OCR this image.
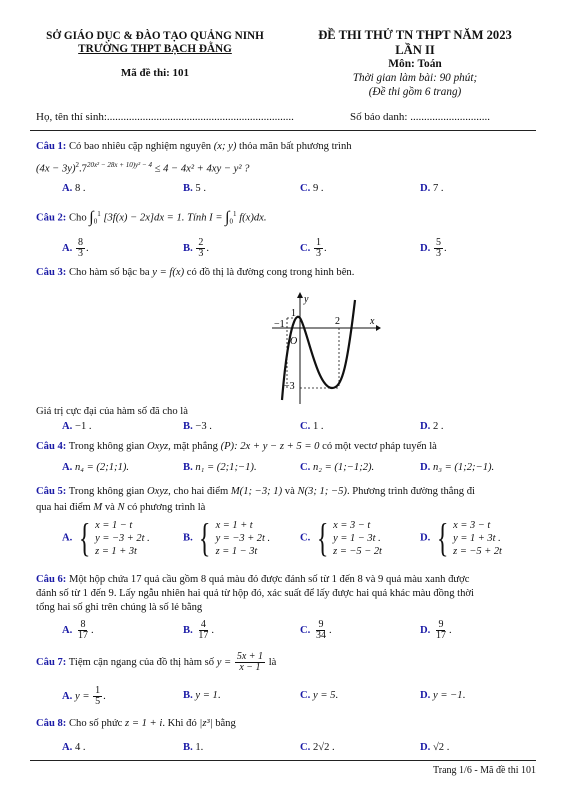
SỞ GIÁO DỤC & ĐÀO TẠO QUẢNG NINH
TRƯỜNG THPT BẠCH ĐẰNG
Mã đề thi: 101
ĐỀ THI THỬ TN THPT NĂM 2023
LẦN II
Môn: Toán
Thời gian làm bài: 90 phút;
(Đề thi gồm 6 trang)
Họ, tên thí sinh:....................................................................	Số báo danh: .............................
Câu 1: Có bao nhiêu cặp nghiệm nguyên (x; y) thỏa mãn bất phương trình
$(4x - 3y)^2.7^{20x^2 - 28x + 10)y^2 - 4} \le 4 - 4x^2 + 4xy - y^2$ ?
A. 8 .	B. 5 .	C. 9 .	D. 7 .
Câu 2: Cho $\int_0^1$ [3f(x) − 2x]dx = 1. Tính $I = \int_0^1$ f(x)dx.
A. $\frac{8}{3}$ .	B. $\frac{2}{3}$ .	C. $\frac{1}{3}$ .	D. $\frac{5}{3}$ .
Câu 3: Cho hàm số bậc ba y = f(x) có đồ thị là đường cong trong hình bên.
y
x
O
−1	2
1
−3
Giá trị cực đại của hàm số đã cho là
A. −1 .	B. −3 .	C. 1 .	D. 2 .
Câu 4: Trong không gian Oxyz, mặt phẳng (P): 2x + y − z + 5 = 0 có một vectơ pháp tuyến là
A. n₄ = (2;1;1).	B. n₁ = (2;1;−1).	C. n₂ = (1;−1;2).	D. n₃ = (1;2;−1).
Câu 5: Trong không gian Oxyz, cho hai điểm M(1; −3; 1) và N(3; 1; −5). Phương trình đường thẳng đi
qua hai điểm M và N có phương trình là
A. { x = 1 − t
y = −3 + 2t .
z = 1 + 3t
B. { x = 1 + t
y = −3 + 2t .
z = 1 − 3t
C. { x = 3 − t
y = 1 − 3t .
z = −5 − 2t
D. { x = 3 − t
y = 1 + 3t .
z = −5 + 2t
Câu 6: Một hộp chứa 17 quả cầu gồm 8 quả màu đỏ được đánh số từ 1 đến 8 và 9 quả màu xanh được
đánh số từ 1 đến 9. Lấy ngẫu nhiên hai quả từ hộp đó, xác suất để lấy được hai quả khác màu đồng thời
tổng hai số ghi trên chúng là số lẻ bằng
A. $\frac{8}{17}$ .	B. $\frac{4}{17}$ .	C. $\frac{9}{34}$ .	D. $\frac{9}{17}$ .
Câu 7: Tiệm cận ngang của đồ thị hàm số $y = \frac{5x + 1}{x - 1}$ là
A. $y = \frac{1}{5}$ .	B. y = 1.	C. y = 5.	D. y = −1.
Câu 8: Cho số phức z = 1 + i. Khi đó |z³| bằng
A. 4 .	B. 1.	C. 2√2 .	D. √2 .
Trang 1/6 - Mã đề thi 101
